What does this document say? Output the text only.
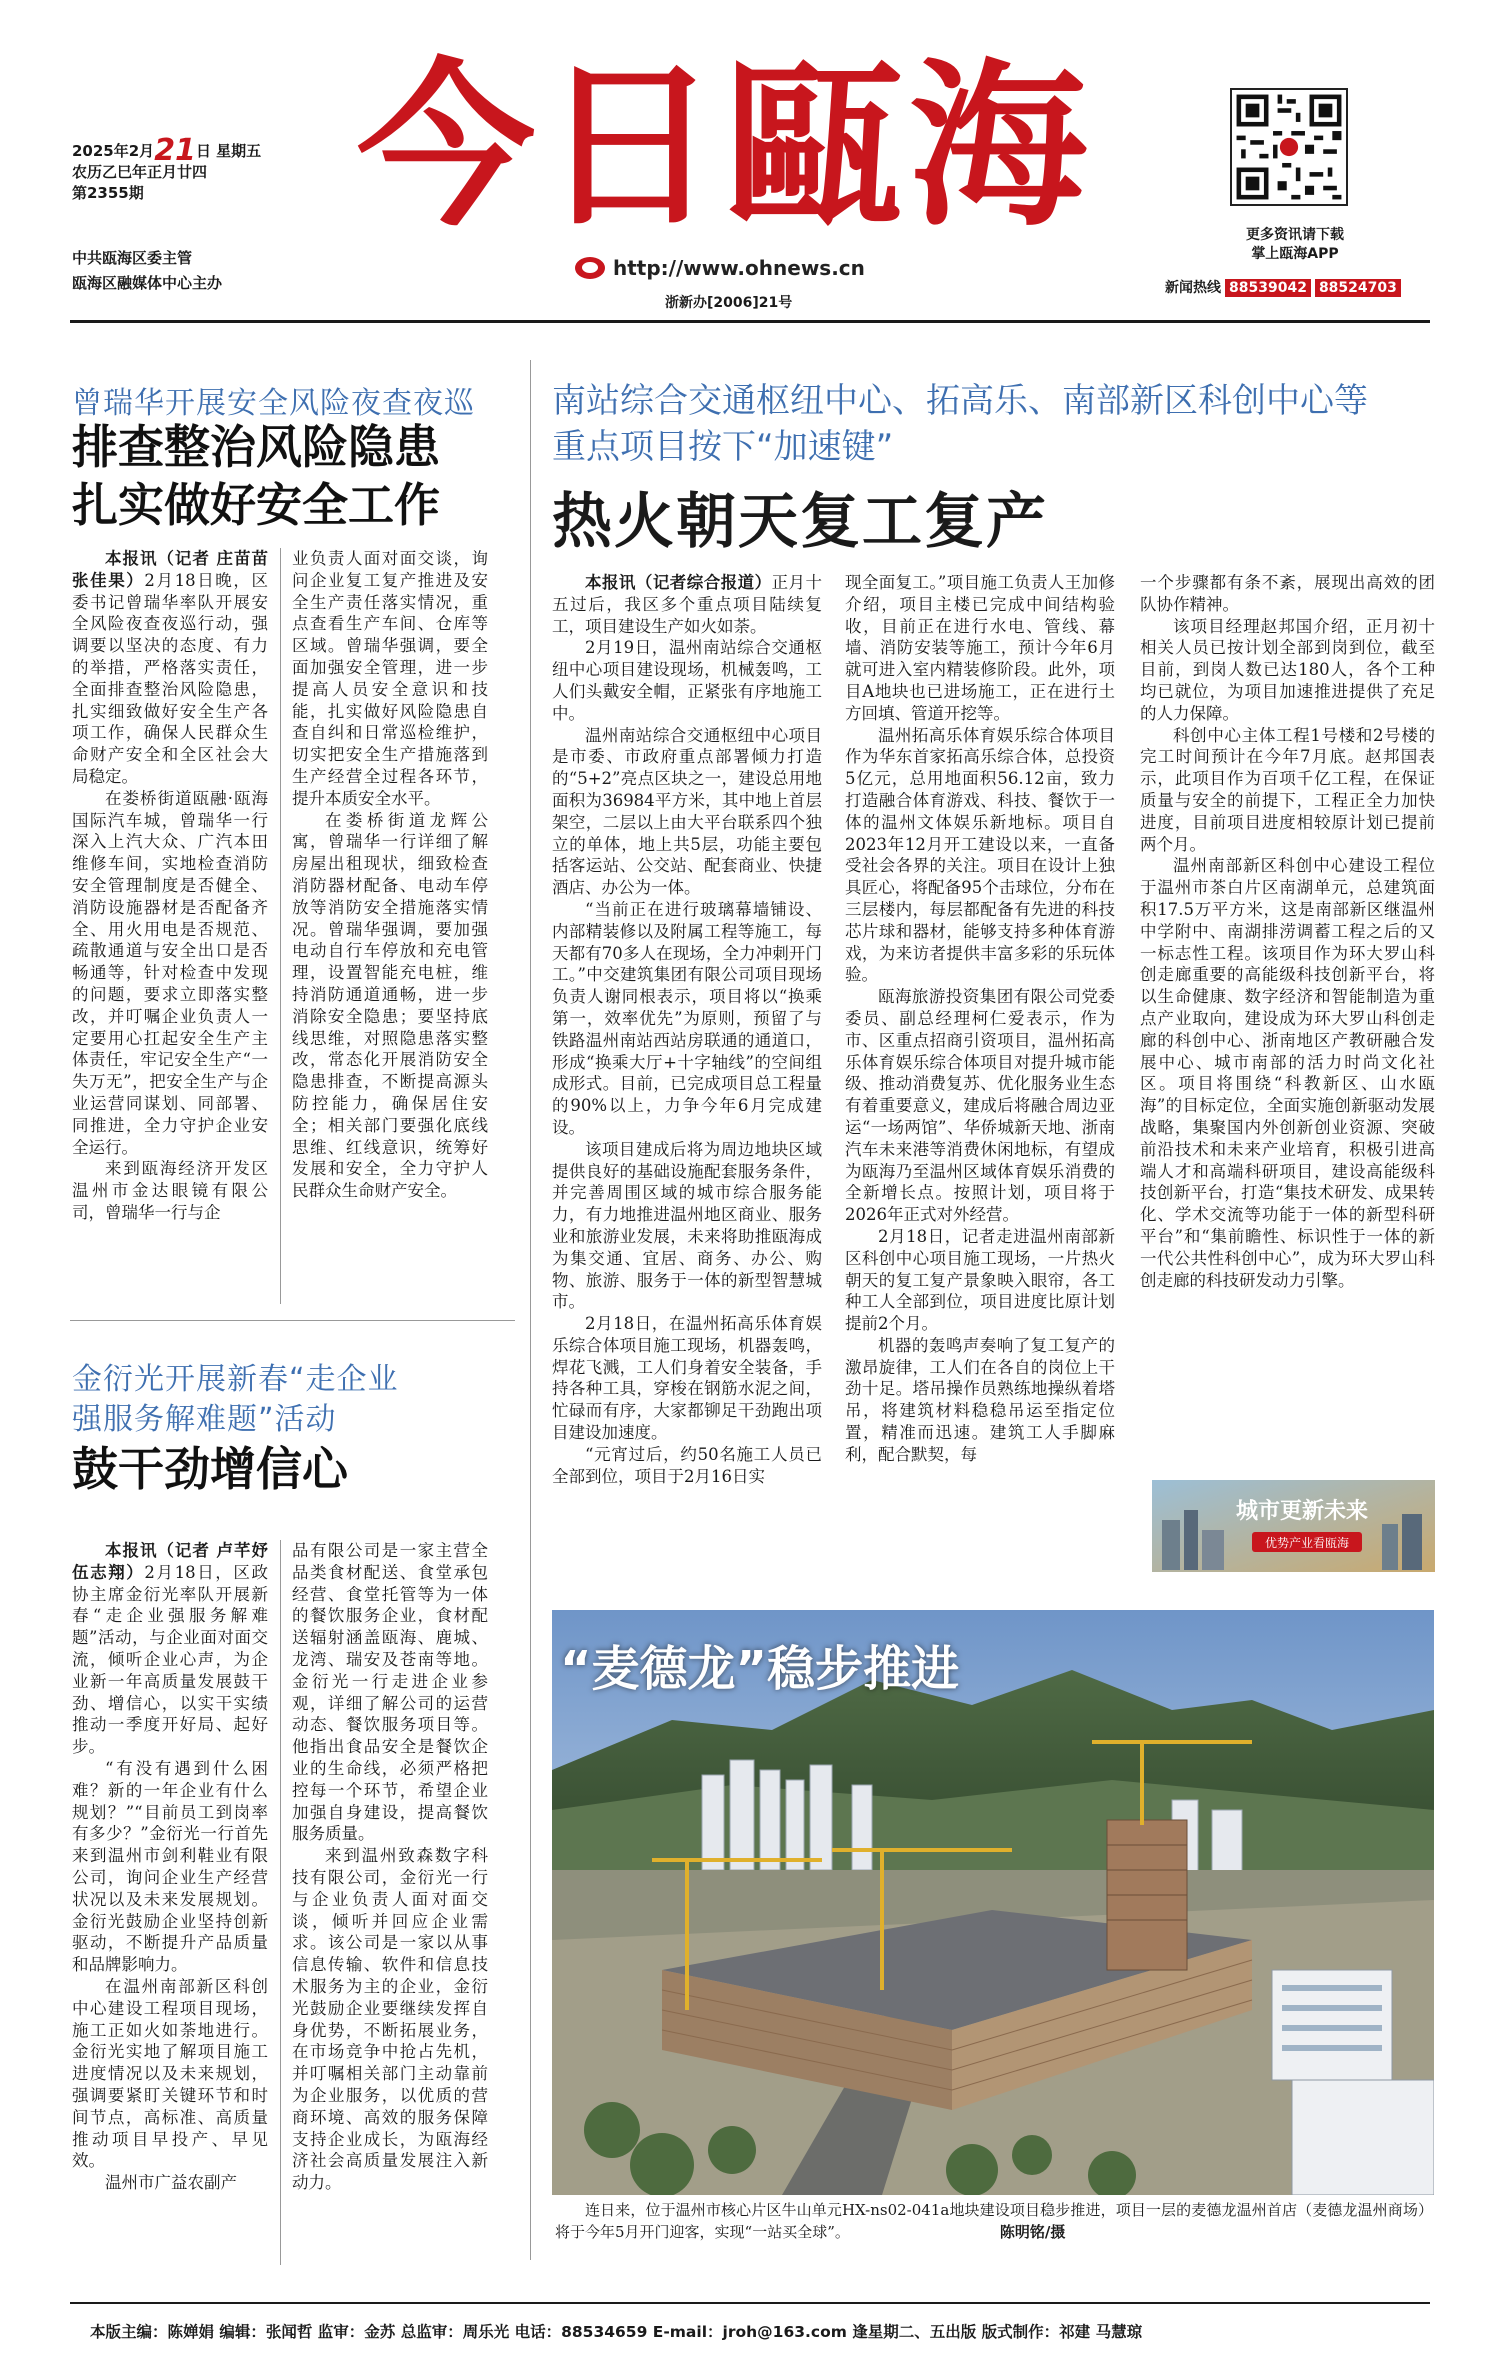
2025年2月21日 星期五
农历乙巳年正月廿四
第2355期
中共瓯海区委主管
瓯海区融媒体中心主办
今日甌海
http://www.ohnews.cn
浙新办[2006]21号
更多资讯请下载
掌上瓯海APP
新闻热线 88539042 88524703
曾瑞华开展安全风险夜查夜巡
排查整治风险隐患
扎实做好安全工作

本报讯（记者 庄苗苗 张佳果）2月18日晚，区委书记曾瑞华率队开展安全风险夜查夜巡行动，强调要以坚决的态度、有力的举措，严格落实责任，全面排查整治风险隐患，扎实细致做好安全生产各项工作，确保人民群众生命财产安全和全区社会大局稳定。

在娄桥街道瓯融·瓯海国际汽车城，曾瑞华一行深入上汽大众、广汽本田维修车间，实地检查消防安全管理制度是否健全、消防设施器材是否配备齐全、用火用电是否规范、疏散通道与安全出口是否畅通等，针对检查中发现的问题，要求立即落实整改，并叮嘱企业负责人一定要用心扛起安全生产主体责任，牢记安全生产“一失万无”，把安全生产与企业运营同谋划、同部署、同推进，全力守护企业安全运行。

来到瓯海经济开发区温州市金达眼镜有限公司，曾瑞华一行与企

业负责人面对面交谈，询问企业复工复产推进及安全生产责任落实情况，重点查看生产车间、仓库等区域。曾瑞华强调，要全面加强安全管理，进一步提高人员安全意识和技能，扎实做好风险隐患自查自纠和日常巡检维护，切实把安全生产措施落到生产经营全过程各环节，提升本质安全水平。

在娄桥街道龙辉公寓，曾瑞华一行详细了解房屋出租现状，细致检查消防器材配备、电动车停放等消防安全措施落实情况。曾瑞华强调，要加强电动自行车停放和充电管理，设置智能充电桩，维持消防通道通畅，进一步消除安全隐患；要坚持底线思维，对照隐患落实整改，常态化开展消防安全隐患排查，不断提高源头防控能力，确保居住安全；相关部门要强化底线思维、红线意识，统筹好发展和安全，全力守护人民群众生命财产安全。

金衍光开展新春“走企业
强服务解难题”活动
鼓干劲增信心

本报讯（记者 卢芊妤 伍志翔）2月18日，区政协主席金衍光率队开展新春“走企业强服务解难题”活动，与企业面对面交流，倾听企业心声，为企业新一年高质量发展鼓干劲、增信心，以实干实绩推动一季度开好局、起好步。

“有没有遇到什么困难？新的一年企业有什么规划？”“目前员工到岗率有多少？”金衍光一行首先来到温州市剑利鞋业有限公司，询问企业生产经营状况以及未来发展规划。金衍光鼓励企业坚持创新驱动，不断提升产品质量和品牌影响力。

在温州南部新区科创中心建设工程项目现场，施工正如火如荼地进行。金衍光实地了解项目施工进度情况以及未来规划，强调要紧盯关键环节和时间节点，高标准、高质量推动项目早投产、早见效。

温州市广益农副产

品有限公司是一家主营全品类食材配送、食堂承包经营、食堂托管等为一体的餐饮服务企业，食材配送辐射涵盖瓯海、鹿城、龙湾、瑞安及苍南等地。金衍光一行走进企业参观，详细了解公司的运营动态、餐饮服务项目等。他指出食品安全是餐饮企业的生命线，必须严格把控每一个环节，希望企业加强自身建设，提高餐饮服务质量。

来到温州致森数字科技有限公司，金衍光一行与企业负责人面对面交谈，倾听并回应企业需求。该公司是一家以从事信息传输、软件和信息技术服务为主的企业，金衍光鼓励企业要继续发挥自身优势，不断拓展业务，在市场竞争中抢占先机，并叮嘱相关部门主动靠前为企业服务，以优质的营商环境、高效的服务保障支持企业成长，为瓯海经济社会高质量发展注入新动力。

南站综合交通枢纽中心、拓高乐、南部新区科创中心等
重点项目按下“加速键”
热火朝天复工复产

本报讯（记者综合报道）正月十五过后，我区多个重点项目陆续复工，项目建设生产如火如荼。

2月19日，温州南站综合交通枢纽中心项目建设现场，机械轰鸣，工人们头戴安全帽，正紧张有序地施工中。

温州南站综合交通枢纽中心项目是市委、市政府重点部署倾力打造的“5+2”亮点区块之一，建设总用地面积为36984平方米，其中地上首层架空，二层以上由大平台联系四个独立的单体，地上共5层，功能主要包括客运站、公交站、配套商业、快捷酒店、办公为一体。

“当前正在进行玻璃幕墙铺设、内部精装修以及附属工程等施工，每天都有70多人在现场，全力冲刺开门工。”中交建筑集团有限公司项目现场负责人谢同根表示，项目将以“换乘第一，效率优先”为原则，预留了与铁路温州南站西站房联通的通道口，形成“换乘大厅+十字轴线”的空间组成形式。目前，已完成项目总工程量的90%以上，力争今年6月完成建设。

该项目建成后将为周边地块区域提供良好的基础设施配套服务条件，并完善周围区域的城市综合服务能力，有力地推进温州地区商业、服务业和旅游业发展，未来将助推瓯海成为集交通、宜居、商务、办公、购物、旅游、服务于一体的新型智慧城市。

2月18日，在温州拓高乐体育娱乐综合体项目施工现场，机器轰鸣，焊花飞溅，工人们身着安全装备，手持各种工具，穿梭在钢筋水泥之间，忙碌而有序，大家都铆足干劲跑出项目建设加速度。

“元宵过后，约50名施工人员已全部到位，项目于2月16日实

现全面复工。”项目施工负责人王加修介绍，项目主楼已完成中间结构验收，目前正在进行水电、管线、幕墙、消防安装等施工，预计今年6月就可进入室内精装修阶段。此外，项目A地块也已进场施工，正在进行土方回填、管道开挖等。

温州拓高乐体育娱乐综合体项目作为华东首家拓高乐综合体，总投资5亿元，总用地面积56.12亩，致力打造融合体育游戏、科技、餐饮于一体的温州文体娱乐新地标。项目自2023年12月开工建设以来，一直备受社会各界的关注。项目在设计上独具匠心，将配备95个击球位，分布在三层楼内，每层都配备有先进的科技芯片球和器材，能够支持多种体育游戏，为来访者提供丰富多彩的乐玩体验。

瓯海旅游投资集团有限公司党委委员、副总经理柯仁爱表示，作为市、区重点招商引资项目，温州拓高乐体育娱乐综合体项目对提升城市能级、推动消费复苏、优化服务业生态有着重要意义，建成后将融合周边亚运“一场两馆”、华侨城新天地、浙南汽车未来港等消费休闲地标，有望成为瓯海乃至温州区域体育娱乐消费的全新增长点。按照计划，项目将于2026年正式对外经营。

2月18日，记者走进温州南部新区科创中心项目施工现场，一片热火朝天的复工复产景象映入眼帘，各工种工人全部到位，项目进度比原计划提前2个月。

机器的轰鸣声奏响了复工复产的激昂旋律，工人们在各自的岗位上干劲十足。塔吊操作员熟练地操纵着塔吊，将建筑材料稳稳吊运至指定位置，精准而迅速。建筑工人手脚麻利，配合默契，每

一个步骤都有条不紊，展现出高效的团队协作精神。

该项目经理赵邦国介绍，正月初十相关人员已按计划全部到岗到位，截至目前，到岗人数已达180人，各个工种均已就位，为项目加速推进提供了充足的人力保障。

科创中心主体工程1号楼和2号楼的完工时间预计在今年7月底。赵邦国表示，此项目作为百项千亿工程，在保证质量与安全的前提下，工程正全力加快进度，目前项目进度相较原计划已提前两个月。

温州南部新区科创中心建设工程位于温州市茶白片区南湖单元，总建筑面积17.5万平方米，这是南部新区继温州中学附中、南湖排涝调蓄工程之后的又一标志性工程。该项目作为环大罗山科创走廊重要的高能级科技创新平台，将以生命健康、数字经济和智能制造为重点产业取向，建设成为环大罗山科创走廊的科创中心、浙南地区产教研融合发展中心、城市南部的活力时尚文化社区。项目将围绕“科教新区、山水瓯海”的目标定位，全面实施创新驱动发展战略，集聚国内外创新创业资源、突破前沿技术和未来产业培育，积极引进高端人才和高端科研项目，建设高能级科技创新平台，打造“集技术研发、成果转化、学术交流等功能于一体的新型科研平台”和“集前瞻性、标识性于一体的新一代公共性科创中心”，成为环大罗山科创走廊的科技研发动力引擎。

城市更新未来
优势产业看瓯海
“麦德龙”稳步推进
连日来，位于温州市核心片区牛山单元HX-ns02-041a地块建设项目稳步推进，项目一层的麦德龙温州首店（麦德龙温州商场）将于今年5月开门迎客，实现“一站买全球”。	陈明铭/摄
本版主编：陈婵娟 编辑：张闻哲 监审：金苏 总监审：周乐光 电话：88534659 E-mail：jroh@163.com 逢星期二、五出版 版式制作：祁建 马慧琼
